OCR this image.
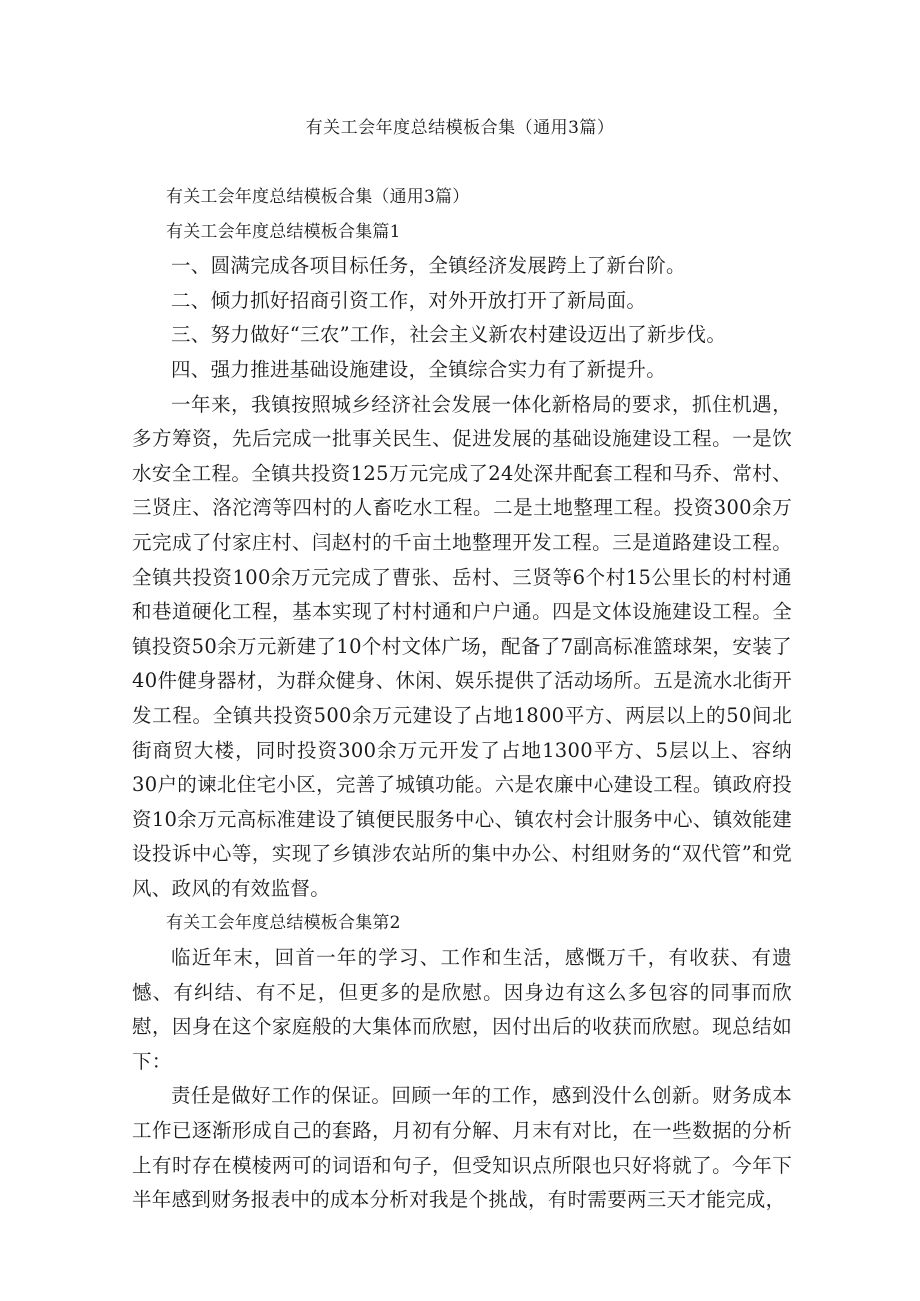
有关工会年度总结模板合集（通用3篇）

有关工会年度总结模板合集（通用3篇）

有关工会年度总结模板合集篇1

一、圆满完成各项目标任务，全镇经济发展跨上了新台阶。

二、倾力抓好招商引资工作，对外开放打开了新局面。

三、努力做好“三农”工作，社会主义新农村建设迈出了新步伐。

四、强力推进基础设施建设，全镇综合实力有了新提升。

一年来，我镇按照城乡经济社会发展一体化新格局的要求，抓住机遇，多方筹资，先后完成一批事关民生、促进发展的基础设施建设工程。一是饮水安全工程。全镇共投资125万元完成了24处深井配套工程和马乔、常村、三贤庄、洛沱湾等四村的人畜吃水工程。二是土地整理工程。投资300余万元完成了付家庄村、闫赵村的千亩土地整理开发工程。三是道路建设工程。全镇共投资100余万元完成了曹张、岳村、三贤等6个村15公里长的村村通和巷道硬化工程，基本实现了村村通和户户通。四是文体设施建设工程。全镇投资50余万元新建了10个村文体广场，配备了7副高标准篮球架，安装了40件健身器材，为群众健身、休闲、娱乐提供了活动场所。五是流水北街开发工程。全镇共投资500余万元建设了占地1800平方、两层以上的50间北街商贸大楼，同时投资300余万元开发了占地1300平方、5层以上、容纳30户的谏北住宅小区，完善了城镇功能。六是农廉中心建设工程。镇政府投资10余万元高标准建设了镇便民服务中心、镇农村会计服务中心、镇效能建设投诉中心等，实现了乡镇涉农站所的集中办公、村组财务的“双代管”和党风、政风的有效监督。

有关工会年度总结模板合集第2

临近年末，回首一年的学习、工作和生活，感慨万千，有收获、有遗憾、有纠结、有不足，但更多的是欣慰。因身边有这么多包容的同事而欣慰，因身在这个家庭般的大集体而欣慰，因付出后的收获而欣慰。现总结如下：

责任是做好工作的保证。回顾一年的工作，感到没什么创新。财务成本工作已逐渐形成自己的套路，月初有分解、月末有对比，在一些数据的分析上有时存在模棱两可的词语和句子，但受知识点所限也只好将就了。今年下半年感到财务报表中的成本分析对我是个挑战，有时需要两三天才能完成，
